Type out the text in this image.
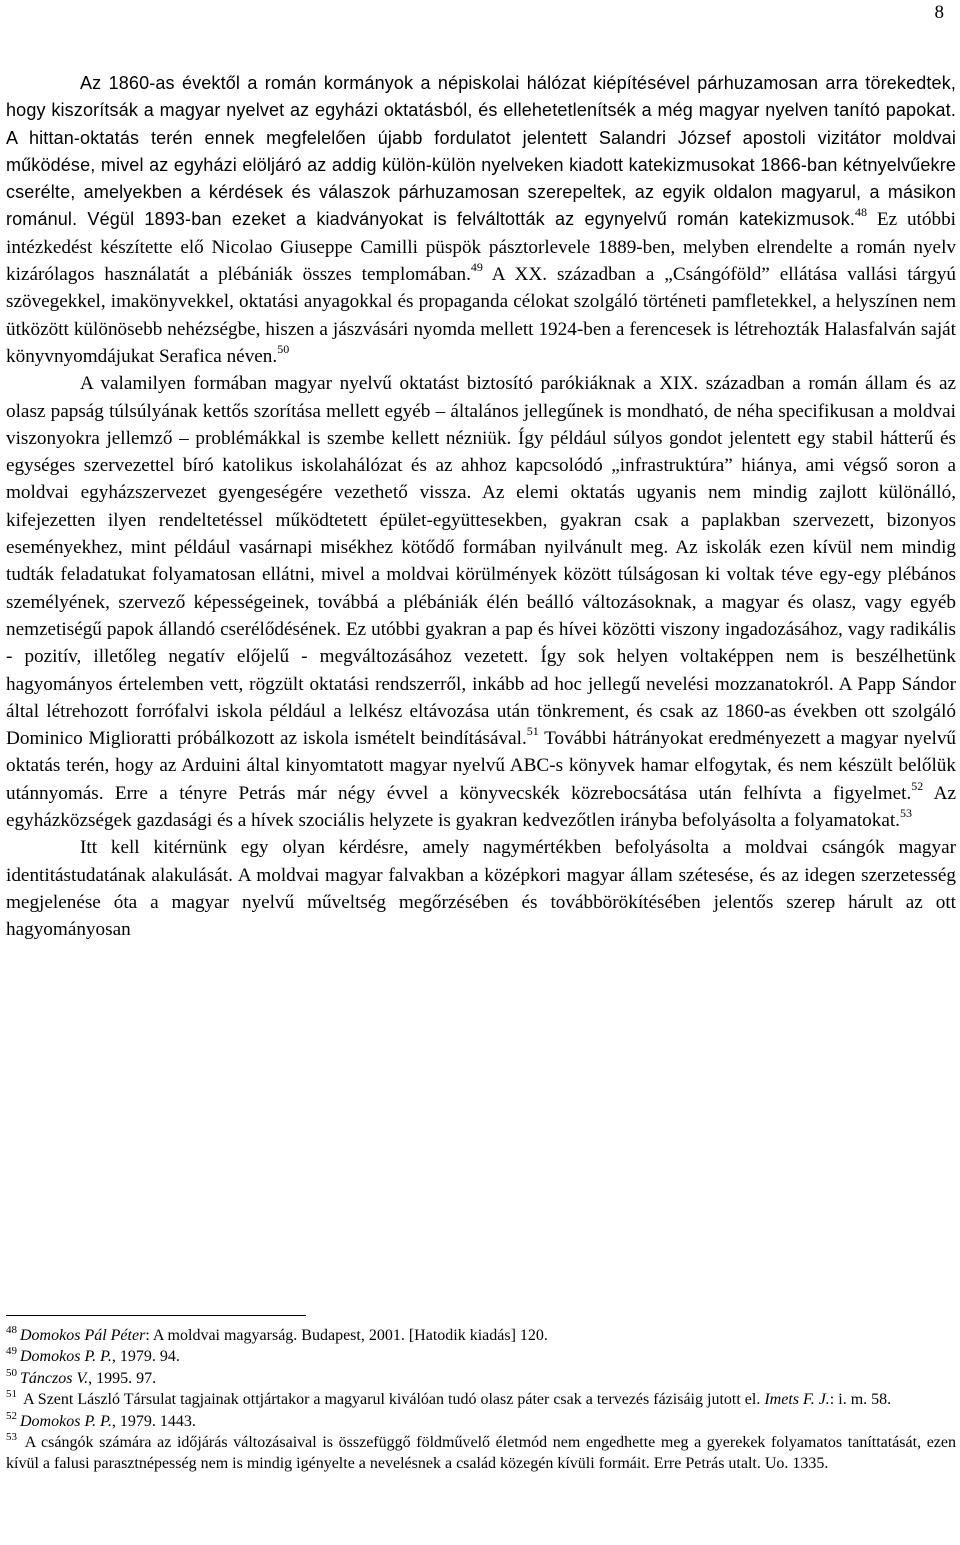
8

Az 1860-as évektől a román kormányok a népiskolai hálózat kiépítésével párhuzamosan arra törekedtek, hogy kiszorítsák a magyar nyelvet az egyházi oktatásból, és ellehetetlenítsék a még magyar nyelven tanító papokat. A hittan-oktatás terén ennek megfelelően újabb fordulatot jelentett Salandri József apostoli vizitátor moldvai működése, mivel az egyházi elöljáró az addig külön-külön nyelveken kiadott katekizmusokat 1866-ban kétnyelvűekre cserélte, amelyekben a kérdések és válaszok párhuzamosan szerepeltek, az egyik oldalon magyarul, a másikon románul. Végül 1893-ban ezeket a kiadványokat is felváltották az egynyelvű román katekizmusok.$^{48}$ Ez utóbbi intézkedést készítette elő Nicolao Giuseppe Camilli püspök pásztorlevele 1889-ben, melyben elrendelte a román nyelv kizárólagos használatát a plébániák összes templomában.$^{49}$ A XX. században a „Csángóföld” ellátása vallási tárgyú szövegekkel, imakönyvekkel, oktatási anyagokkal és propaganda célokat szolgáló történeti pamfletekkel, a helyszínen nem ütközött különösebb nehézségbe, hiszen a jászvásári nyomda mellett 1924-ben a ferencesek is létrehozták Halasfalván saját könyvnyomdájukat Serafica néven.$^{50}$

A valamilyen formában magyar nyelvű oktatást biztosító parókiáknak a XIX. században a román állam és az olasz papság túlsúlyának kettős szorítása mellett egyéb – általános jellegűnek is mondható, de néha specifikusan a moldvai viszonyokra jellemző – problémákkal is szembe kellett nézniük. Így például súlyos gondot jelentett egy stabil hátterű és egységes szervezettel bíró katolikus iskolahálózat és az ahhoz kapcsolódó „infrastruktúra” hiánya, ami végső soron a moldvai egyházszervezet gyengeségére vezethető vissza. Az elemi oktatás ugyanis nem mindig zajlott különálló, kifejezetten ilyen rendeltetéssel működtetett épület-együttesekben, gyakran csak a paplakban szervezett, bizonyos eseményekhez, mint például vasárnapi misékhez kötődő formában nyilvánult meg. Az iskolák ezen kívül nem mindig tudták feladatukat folyamatosan ellátni, mivel a moldvai körülmények között túlságosan ki voltak téve egy-egy plébános személyének, szervező képességeinek, továbbá a plébániák élén beálló változásoknak, a magyar és olasz, vagy egyéb nemzetiségű papok állandó cserélődésének. Ez utóbbi gyakran a pap és hívei közötti viszony ingadozásához, vagy radikális - pozitív, illetőleg negatív előjelű - megváltozásához vezetett. Így sok helyen voltaképpen nem is beszélhetünk hagyományos értelemben vett, rögzült oktatási rendszerről, inkább ad hoc jellegű nevelési mozzanatokról. A Papp Sándor által létrehozott forrófalvi iskola például a lelkész eltávozása után tönkrement, és csak az 1860-as években ott szolgáló Dominico Miglioratti próbálkozott az iskola ismételt beindításával.$^{51}$ További hátrányokat eredményezett a magyar nyelvű oktatás terén, hogy az Arduini által kinyomtatott magyar nyelvű ABC-s könyvek hamar elfogytak, és nem készült belőlük utánnyomás. Erre a tényre Petrás már négy évvel a könyvecskék közrebocsátása után felhívta a figyelmet.$^{52}$ Az egyházközségek gazdasági és a hívek szociális helyzete is gyakran kedvezőtlen irányba befolyásolta a folyamatokat.$^{53}$

Itt kell kitérnünk egy olyan kérdésre, amely nagymértékben befolyásolta a moldvai csángók magyar identitástudatának alakulását. A moldvai magyar falvakban a középkori magyar állam szétesése, és az idegen szerzetesség megjelenése óta a magyar nyelvű műveltség megőrzésében és továbbörökítésében jelentős szerep hárult az ott hagyományosan

$^{48}$ Domokos Pál Péter: A moldvai magyarság. Budapest, 2001. [Hatodik kiadás] 120.

$^{49}$ Domokos P. P., 1979. 94.

$^{50}$ Tánczos V., 1995. 97.

$^{51}$ A Szent László Társulat tagjainak ottjártakor a magyarul kiválóan tudó olasz páter csak a tervezés fázisáig jutott el. Imets F. J.: i. m. 58.

$^{52}$ Domokos P. P., 1979. 1443.

$^{53}$ A csángók számára az időjárás változásaival is összefüggő földművelő életmód nem engedhette meg a gyerekek folyamatos taníttatását, ezen kívül a falusi parasztnépesség nem is mindig igényelte a nevelésnek a család közegén kívüli formáit. Erre Petrás utalt. Uo. 1335.
